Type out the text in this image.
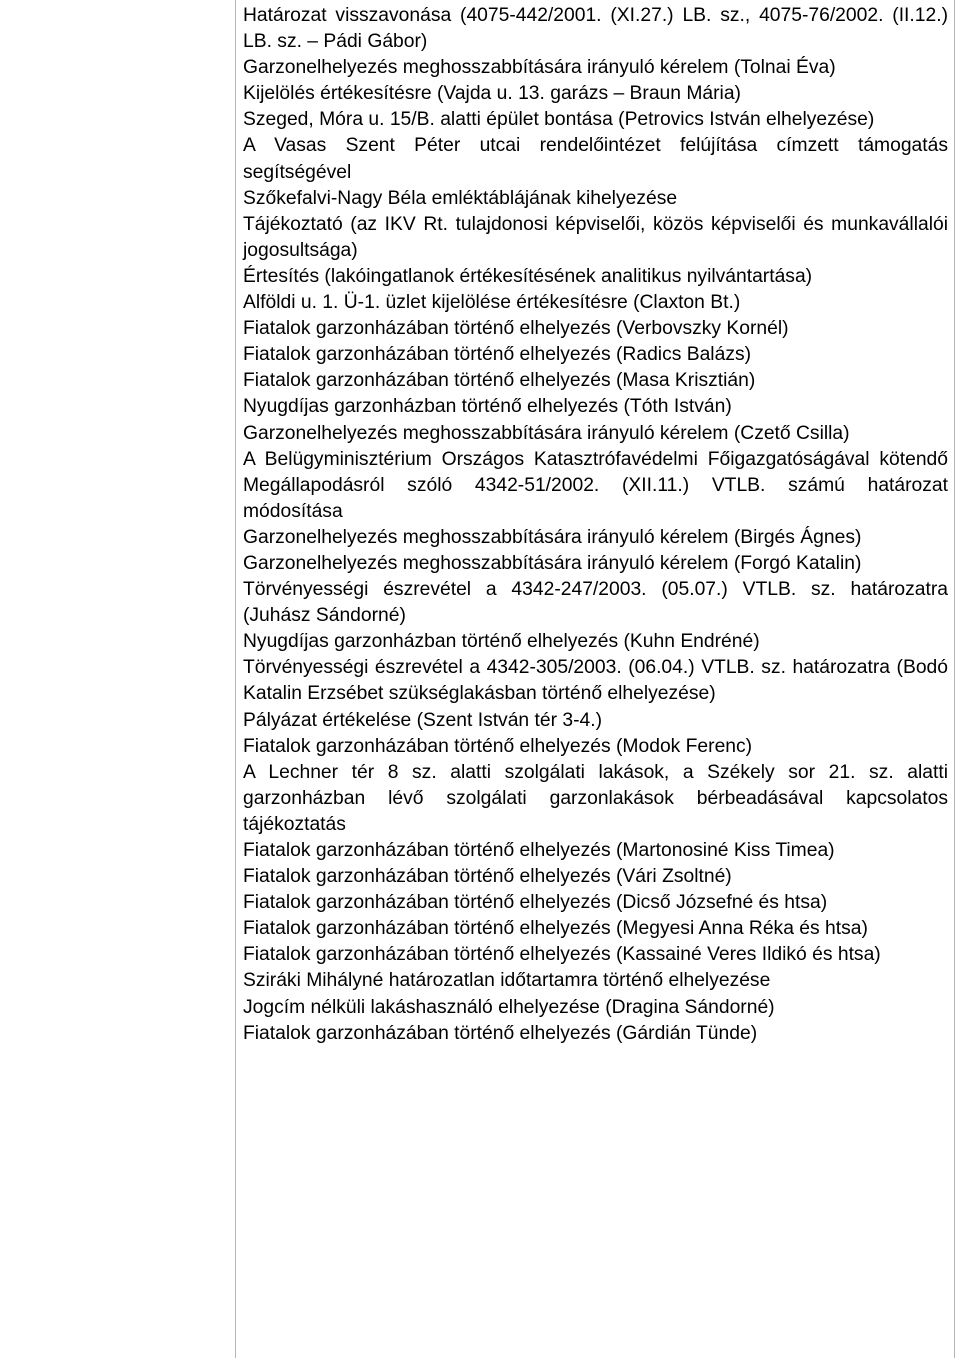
Határozat visszavonása (4075-442/2001. (XI.27.) LB. sz., 4075-76/2002. (II.12.) LB. sz. – Pádi Gábor)
Garzonelhelyezés meghosszabbítására irányuló kérelem (Tolnai Éva)
Kijelölés értékesítésre (Vajda u. 13. garázs – Braun Mária)
Szeged, Móra u. 15/B. alatti épület bontása (Petrovics István elhelyezése)
A Vasas Szent Péter utcai rendelőintézet felújítása címzett támogatás segítségével
Szőkefalvi-Nagy Béla emléktáblájának kihelyezése
Tájékoztató (az IKV Rt. tulajdonosi képviselői, közös képviselői és munkavállalói jogosultsága)
Értesítés (lakóingatlanok értékesítésének analitikus nyilvántartása)
Alföldi u. 1. Ü-1. üzlet kijelölése értékesítésre (Claxton Bt.)
Fiatalok garzonházában történő elhelyezés (Verbovszky Kornél)
Fiatalok garzonházában történő elhelyezés (Radics Balázs)
Fiatalok garzonházában történő elhelyezés (Masa Krisztián)
Nyugdíjas garzonházban történő elhelyezés (Tóth István)
Garzonelhelyezés meghosszabbítására irányuló kérelem (Czető Csilla)
A Belügyminisztérium Országos Katasztrófavédelmi Főigazgatóságával kötendő Megállapodásról szóló 4342-51/2002. (XII.11.) VTLB. számú határozat módosítása
Garzonelhelyezés meghosszabbítására irányuló kérelem (Birgés Ágnes)
Garzonelhelyezés meghosszabbítására irányuló kérelem (Forgó Katalin)
Törvényességi észrevétel a 4342-247/2003. (05.07.) VTLB. sz. határozatra (Juhász Sándorné)
Nyugdíjas garzonházban történő elhelyezés (Kuhn Endréné)
Törvényességi észrevétel a 4342-305/2003. (06.04.) VTLB. sz. határozatra (Bodó Katalin Erzsébet szükséglakásban történő elhelyezése)
Pályázat értékelése (Szent István tér 3-4.)
Fiatalok garzonházában történő elhelyezés (Modok Ferenc)
A Lechner tér 8 sz. alatti szolgálati lakások, a Székely sor 21. sz. alatti garzonházban lévő szolgálati garzonlakások bérbeadásával kapcsolatos tájékoztatás
Fiatalok garzonházában történő elhelyezés (Martonosiné Kiss Timea)
Fiatalok garzonházában történő elhelyezés (Vári Zsoltné)
Fiatalok garzonházában történő elhelyezés (Dicső Józsefné és htsa)
Fiatalok garzonházában történő elhelyezés (Megyesi Anna Réka és htsa)
Fiatalok garzonházában történő elhelyezés (Kassainé Veres Ildikó és htsa)
Sziráki Mihályné határozatlan időtartamra történő elhelyezése
Jogcím nélküli lakáshasználó elhelyezése (Dragina Sándorné)
Fiatalok garzonházában történő elhelyezés (Gárdián Tünde)
